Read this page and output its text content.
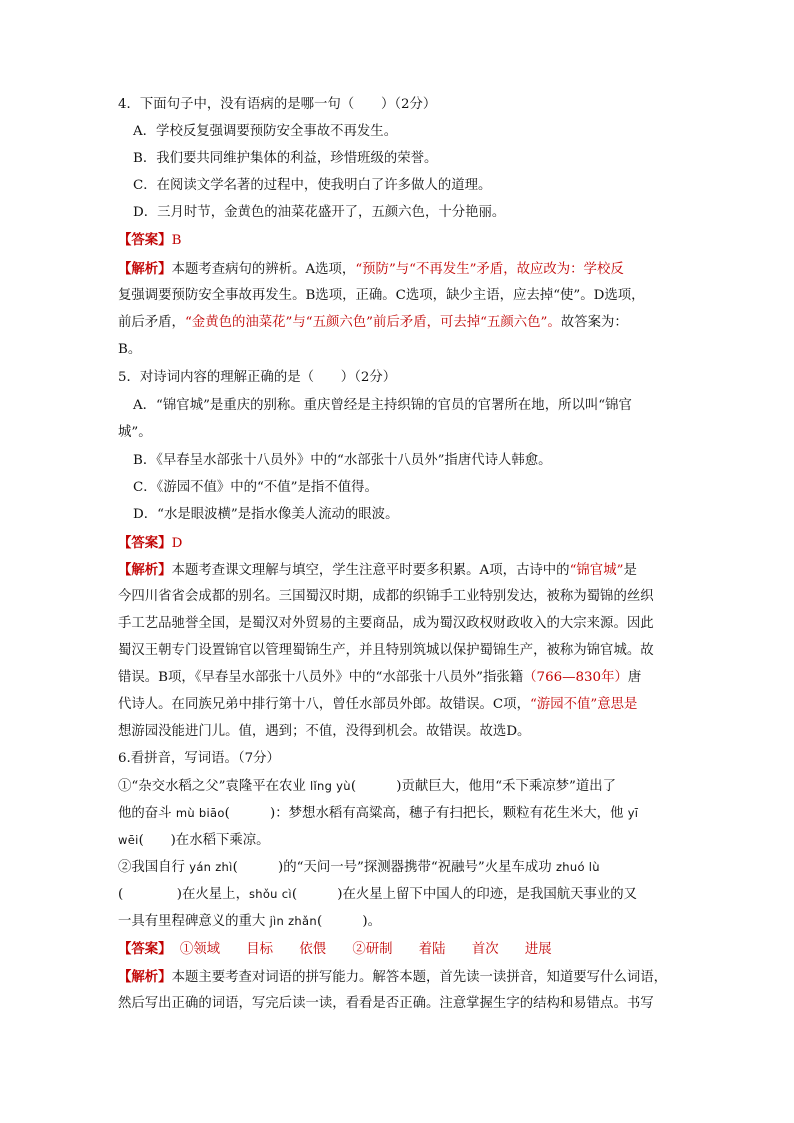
4．下面句子中，没有语病的是哪一句（　　）（2分）
A．学校反复强调要预防安全事故不再发生。
B．我们要共同维护集体的利益，珍惜班级的荣誉。
C．在阅读文学名著的过程中，使我明白了许多做人的道理。
D．三月时节，金黄色的油菜花盛开了，五颜六色，十分艳丽。
【答案】B
【解析】本题考查病句的辨析。A选项，“预防”与“不再发生”矛盾，故应改为：学校反
复强调要预防安全事故再发生。B选项，正确。C选项，缺少主语，应去掉“使”。D选项，
前后矛盾，“金黄色的油菜花”与“五颜六色”前后矛盾，可去掉“五颜六色”。故答案为：
B。
5．对诗词内容的理解正确的是（　　）（2分）
A．“锦官城”是重庆的别称。重庆曾经是主持织锦的官员的官署所在地，所以叫“锦官
城”。
B．《早春呈水部张十八员外》中的“水部张十八员外”指唐代诗人韩愈。
C．《游园不值》中的“不值”是指不值得。
D．“水是眼波横”是指水像美人流动的眼波。
【答案】D
【解析】本题考查课文理解与填空，学生注意平时要多积累。A项，古诗中的“锦官城”是
今四川省省会成都的别名。三国蜀汉时期，成都的织锦手工业特别发达，被称为蜀锦的丝织
手工艺品驰誉全国，是蜀汉对外贸易的主要商品，成为蜀汉政权财政收入的大宗来源。因此
蜀汉王朝专门设置锦官以管理蜀锦生产，并且特别筑城以保护蜀锦生产，被称为锦官城。故
错误。B项，《早春呈水部张十八员外》中的“水部张十八员外”指张籍（766—830年）唐
代诗人。在同族兄弟中排行第十八，曾任水部员外郎。故错误。C项，“游园不值”意思是
想游园没能进门儿。值，遇到；不值，没得到机会。故错误。故选D。
6.看拼音，写词语。（7分）
①“杂交水稻之父”袁隆平在农业 lǐng yù(　　　)贡献巨大，他用“禾下乘凉梦”道出了
他的奋斗 mù biāo(　　　)：梦想水稻有高粱高，穗子有扫把长，颗粒有花生米大，他 yī
wēi(　　)在水稻下乘凉。
②我国自行 yán zhì(　　　)的“天问一号”探测器携带“祝融号”火星车成功 zhuó lù
(　　　　)在火星上，shǒu cì(　　　)在火星上留下中国人的印迹，是我国航天事业的又
一具有里程碑意义的重大 jìn zhǎn(　　　)。
【答案】 ①领域 目标 依偎 ②研制 着陆 首次 进展
【解析】本题主要考查对词语的拼写能力。解答本题，首先读一读拼音，知道要写什么词语，
然后写出正确的词语，写完后读一读，看看是否正确。注意掌握生字的结构和易错点。书写
